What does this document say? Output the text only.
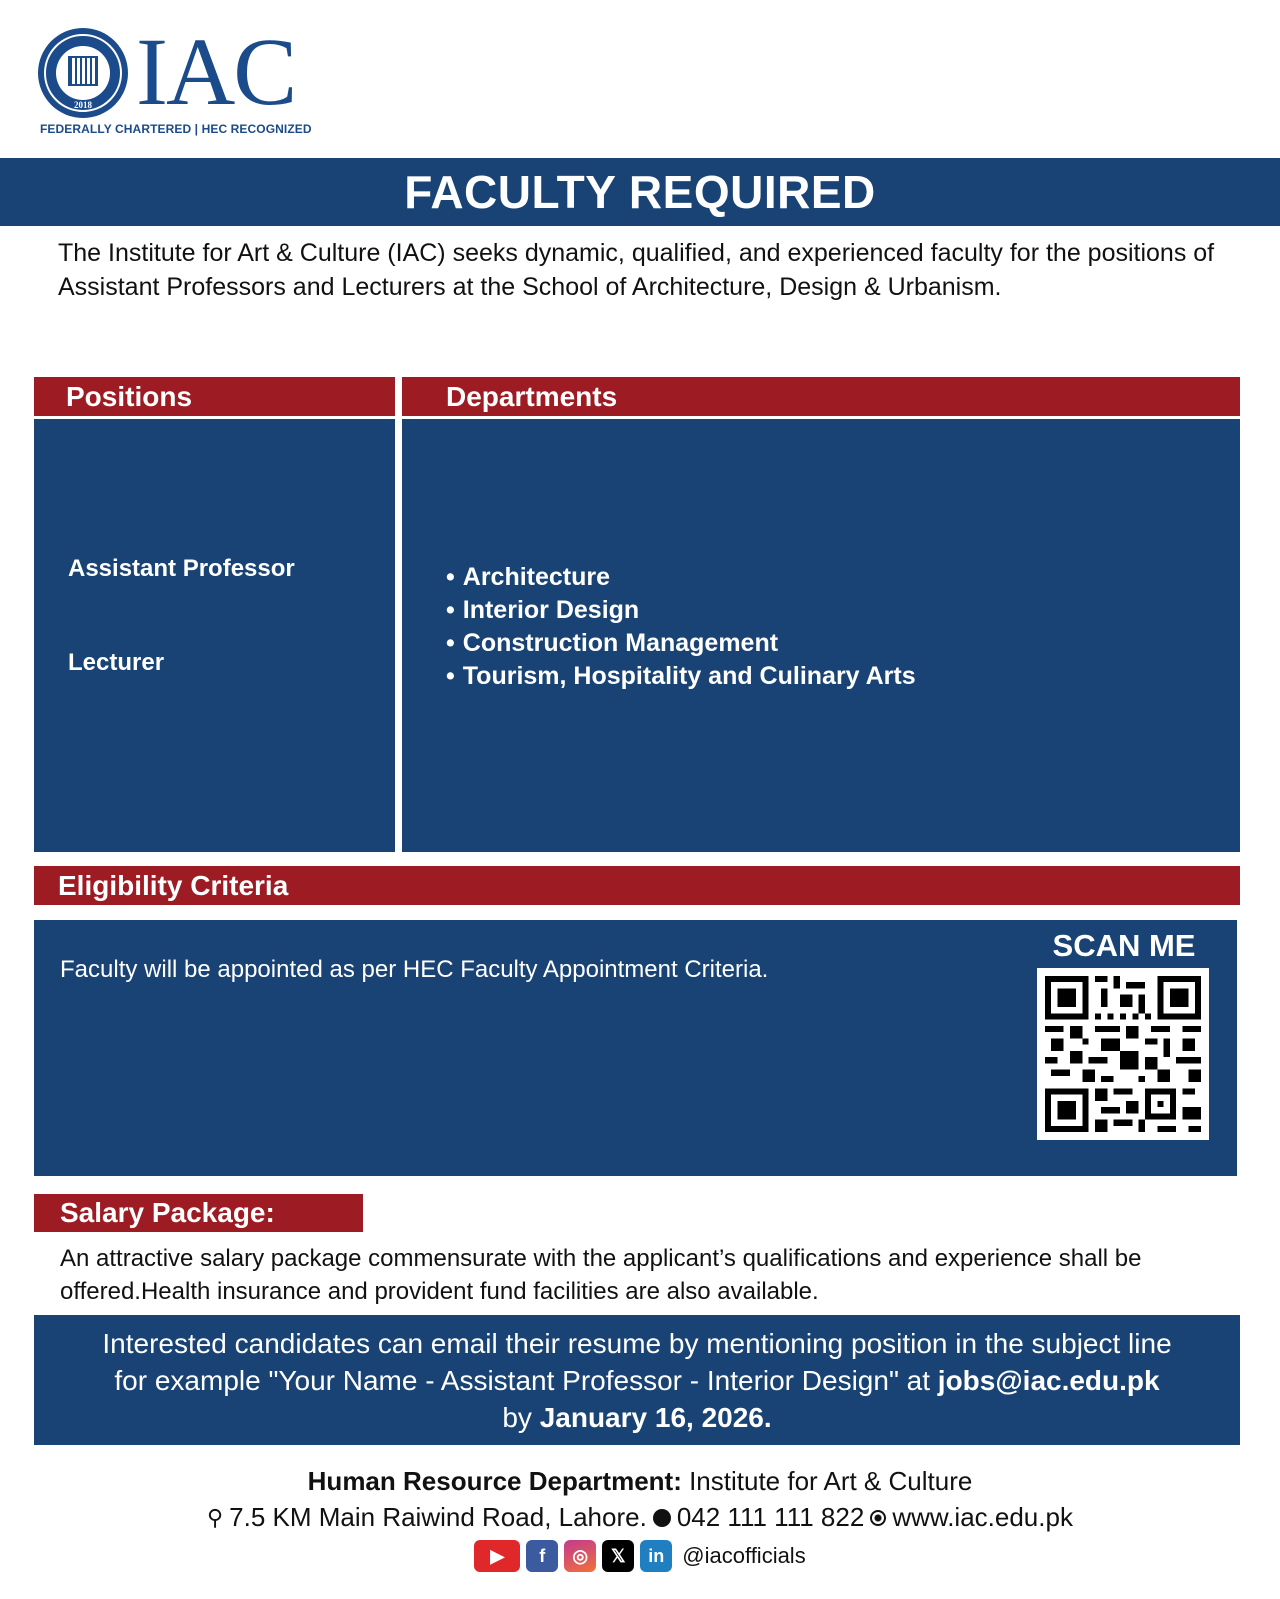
2018 IAC
FEDERALLY CHARTERED | HEC RECOGNIZED
FACULTY REQUIRED

The Institute for Art & Culture (IAC) seeks dynamic, qualified, and experienced faculty for the positions of Assistant Professors and Lecturers at the School of Architecture, Design & Urbanism.

Positions	Departments
Assistant Professor
Lecturer
• Architecture
• Interior Design
• Construction Management
• Tourism, Hospitality and Culinary Arts
Eligibility Criteria
Faculty will be appointed as per HEC Faculty Appointment Criteria.
SCAN ME
Salary Package:

An attractive salary package commensurate with the applicant’s qualifications and experience shall be offered.Health insurance and provident fund facilities are also available.

Interested candidates can email their resume by mentioning position in the subject line

for example "Your Name - Assistant Professor - Interior Design" at jobs@iac.edu.pk

by January 16, 2026.

Human Resource Department: Institute for Art & Culture
⚲ 7.5 KM Main Raiwind Road, Lahore. 042 111 111 822 www.iac.edu.pk
▶	f	◎	𝕏	in @iacofficials
